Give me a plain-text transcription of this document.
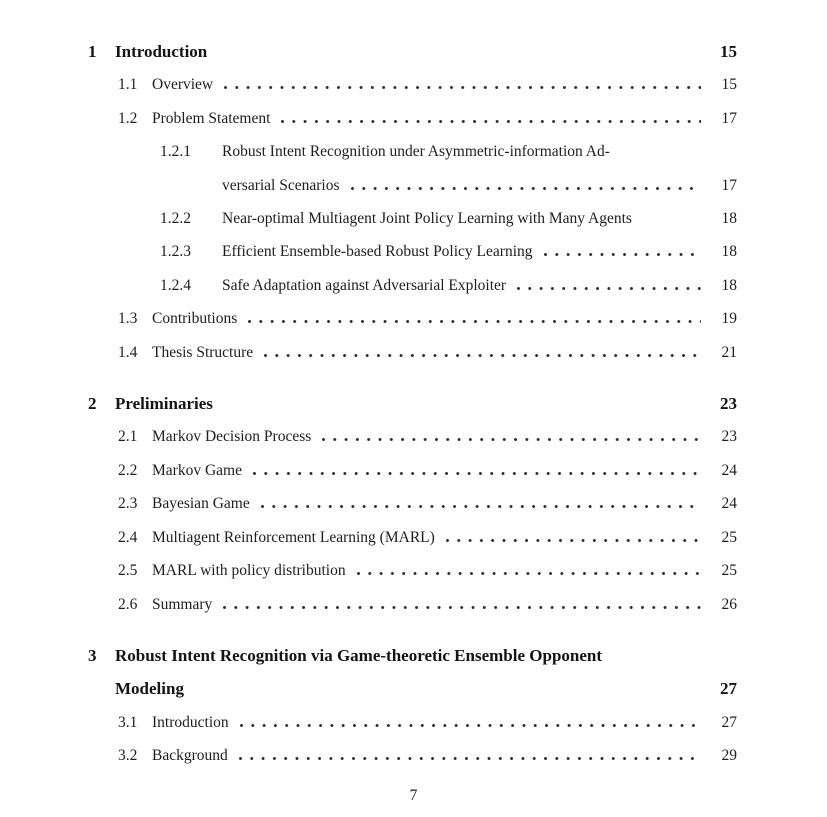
1	Introduction	15
1.1 Overview	15
1.2 Problem Statement	17
1.2.1	Robust Intent Recognition under Asymmetric-information Ad-
versarial Scenarios	17
1.2.2	Near-optimal Multiagent Joint Policy Learning with Many Agents	18
1.2.3	Efficient Ensemble-based Robust Policy Learning	18
1.2.4	Safe Adaptation against Adversarial Exploiter	18
1.3 Contributions	19
1.4 Thesis Structure	21
2	Preliminaries	23
2.1 Markov Decision Process	23
2.2 Markov Game	24
2.3 Bayesian Game	24
2.4 Multiagent Reinforcement Learning (MARL)	25
2.5 MARL with policy distribution	25
2.6 Summary	26
3	Robust Intent Recognition via Game-theoretic Ensemble Opponent
Modeling	27
3.1 Introduction	27
3.2 Background	29
7
